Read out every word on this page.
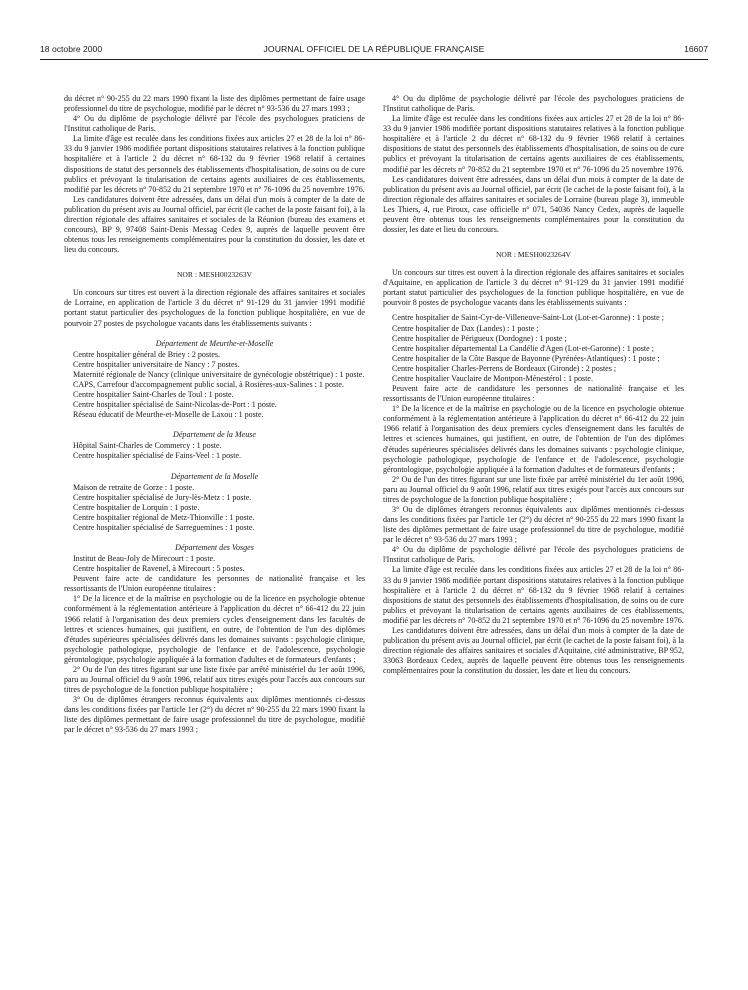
18 octobre 2000	JOURNAL OFFICIEL DE LA RÉPUBLIQUE FRANÇAISE	16607

du décret n° 90-255 du 22 mars 1990 fixant la liste des diplômes permettant de faire usage professionnel du titre de psychologue, modifié par le décret n° 93-536 du 27 mars 1993 ;

4° Ou du diplôme de psychologie délivré par l'école des psychologues praticiens de l'Institut catholique de Paris.

La limite d'âge est reculée dans les conditions fixées aux articles 27 et 28 de la loi n° 86-33 du 9 janvier 1986 modifiée portant dispositions statutaires relatives à la fonction publique hospitalière et à l'article 2 du décret n° 68-132 du 9 février 1968 relatif à certaines dispositions de statut des personnels des établissements d'hospitalisation, de soins ou de cure publics et prévoyant la titularisation de certains agents auxiliaires de ces établissements, modifié par les décrets n° 70-852 du 21 septembre 1970 et n° 76-1096 du 25 novembre 1976.

Les candidatures doivent être adressées, dans un délai d'un mois à compter de la date de publication du présent avis au Journal officiel, par écrit (le cachet de la poste faisant foi), à la direction régionale des affaires sanitaires et sociales de la Réunion (bureau des examens et concours), BP 9, 97408 Saint-Denis Messag Cedex 9, auprès de laquelle peuvent être obtenus tous les renseignements complémentaires pour la constitution du dossier, les date et lieu du concours.

NOR : MESH0023263V

Un concours sur titres est ouvert à la direction régionale des affaires sanitaires et sociales de Lorraine, en application de l'article 3 du décret n° 91-129 du 31 janvier 1991 modifié portant statut particulier des psychologues de la fonction publique hospitalière, en vue de pourvoir 27 postes de psychologue vacants dans les établissements suivants :

Département de Meurthe-et-Moselle

Centre hospitalier général de Briey : 2 postes.

Centre hospitalier universitaire de Nancy : 7 postes.

Maternité régionale de Nancy (clinique universitaire de gynécologie obstétrique) : 1 poste.

CAPS, Carrefour d'accompagnement public social, à Rosières-aux-Salines : 1 poste.

Centre hospitalier Saint-Charles de Toul : 1 poste.

Centre hospitalier spécialisé de Saint-Nicolas-de-Port : 1 poste.

Réseau éducatif de Meurthe-et-Moselle de Laxou : 1 poste.

Département de la Meuse

Hôpital Saint-Charles de Commercy : 1 poste.

Centre hospitalier spécialisé de Fains-Veel : 1 poste.

Département de la Moselle

Maison de retraite de Gorze : 1 poste.

Centre hospitalier spécialisé de Jury-lès-Metz : 1 poste.

Centre hospitalier de Lorquin : 1 poste.

Centre hospitalier régional de Metz-Thionville : 1 poste.

Centre hospitalier spécialisé de Sarreguemines : 1 poste.

Département des Vosges

Institut de Beau-Joly de Mirecourt : 1 poste.

Centre hospitalier de Ravenel, à Mirecourt : 5 postes.

Peuvent faire acte de candidature les personnes de nationalité française et les ressortissants de l'Union européenne titulaires :

1° De la licence et de la maîtrise en psychologie ou de la licence en psychologie obtenue conformément à la réglementation antérieure à l'application du décret n° 66-412 du 22 juin 1966 relatif à l'organisation des deux premiers cycles d'enseignement dans les facultés de lettres et sciences humaines, qui justifient, en outre, de l'obtention de l'un des diplômes d'études supérieures spécialisées délivrés dans les domaines suivants : psychologie clinique, psychologie pathologique, psychologie de l'enfance et de l'adolescence, psychologie gérontologique, psychologie appliquée à la formation d'adultes et de formateurs d'enfants ;

2° Ou de l'un des titres figurant sur une liste fixée par arrêté ministériel du 1er août 1996, paru au Journal officiel du 9 août 1996, relatif aux titres exigés pour l'accès aux concours sur titres de psychologue de la fonction publique hospitalière ;

3° Ou de diplômes étrangers reconnus équivalents aux diplômes mentionnés ci-dessus dans les conditions fixées par l'article 1er (2°) du décret n° 90-255 du 22 mars 1990 fixant la liste des diplômes permettant de faire usage professionnel du titre de psychologue, modifié par le décret n° 93-536 du 27 mars 1993 ;

4° Ou du diplôme de psychologie délivré par l'école des psychologues praticiens de l'Institut catholique de Paris.

La limite d'âge est reculée dans les conditions fixées aux articles 27 et 28 de la loi n° 86-33 du 9 janvier 1986 modifiée portant dispositions statutaires relatives à la fonction publique hospitalière et à l'article 2 du décret n° 68-132 du 9 février 1968 relatif à certaines dispositions de statut des personnels des établissements d'hospitalisation, de soins ou de cure publics et prévoyant la titularisation de certains agents auxiliaires de ces établissements, modifié par les décrets n° 70-852 du 21 septembre 1970 et n° 76-1096 du 25 novembre 1976.

Les candidatures doivent être adressées, dans un délai d'un mois à compter de la date de publication du présent avis au Journal officiel, par écrit (le cachet de la poste faisant foi), à la direction régionale des affaires sanitaires et sociales de Lorraine (bureau plage 3), immeuble Les Thiers, 4, rue Piroux, case officielle n° 071, 54036 Nancy Cedex, auprès de laquelle peuvent être obtenus tous les renseignements complémentaires pour la constitution du dossier, les date et lieu du concours.

NOR : MESH0023264V

Un concours sur titres est ouvert à la direction régionale des affaires sanitaires et sociales d'Aquitaine, en application de l'article 3 du décret n° 91-129 du 31 janvier 1991 modifié portant statut particulier des psychologues de la fonction publique hospitalière, en vue de pourvoir 8 postes de psychologue vacants dans les établissements suivants :

Centre hospitalier de Saint-Cyr-de-Villeneuve-Saint-Lot (Lot-et-Garonne) : 1 poste ;

Centre hospitalier de Dax (Landes) : 1 poste ;

Centre hospitalier de Périgueux (Dordogne) : 1 poste ;

Centre hospitalier départemental La Candélie d'Agen (Lot-et-Garonne) : 1 poste ;

Centre hospitalier de la Côte Basque de Bayonne (Pyrénées-Atlantiques) : 1 poste ;

Centre hospitalier Charles-Perrens de Bordeaux (Gironde) : 2 postes ;

Centre hospitalier Vauclaire de Montpon-Ménestérol : 1 poste.

Peuvent faire acte de candidature les personnes de nationalité française et les ressortissants de l'Union européenne titulaires :

1° De la licence et de la maîtrise en psychologie ou de la licence en psychologie obtenue conformément à la réglementation antérieure à l'application du décret n° 66-412 du 22 juin 1966 relatif à l'organisation des deux premiers cycles d'enseignement dans les facultés de lettres et sciences humaines, qui justifient, en outre, de l'obtention de l'un des diplômes d'études supérieures spécialisées délivrés dans les domaines suivants : psychologie clinique, psychologie pathologique, psychologie de l'enfance et de l'adolescence, psychologie gérontologique, psychologie appliquée à la formation d'adultes et de formateurs d'enfants ;

2° Ou de l'un des titres figurant sur une liste fixée par arrêté ministériel du 1er août 1996, paru au Journal officiel du 9 août 1996, relatif aux titres exigés pour l'accès aux concours sur titres de psychologue de la fonction publique hospitalière ;

3° Ou de diplômes étrangers reconnus équivalents aux diplômes mentionnés ci-dessus dans les conditions fixées par l'article 1er (2°) du décret n° 90-255 du 22 mars 1990 fixant la liste des diplômes permettant de faire usage professionnel du titre de psychologue, modifié par le décret n° 93-536 du 27 mars 1993 ;

4° Ou du diplôme de psychologie délivré par l'école des psychologues praticiens de l'Institut catholique de Paris.

La limite d'âge est reculée dans les conditions fixées aux articles 27 et 28 de la loi n° 86-33 du 9 janvier 1986 modifiée portant dispositions statutaires relatives à la fonction publique hospitalière et à l'article 2 du décret n° 68-132 du 9 février 1968 relatif à certaines dispositions de statut des personnels des établissements d'hospitalisation, de soins ou de cure publics et prévoyant la titularisation de certains agents auxiliaires de ces établissements, modifié par les décrets n° 70-852 du 21 septembre 1970 et n° 76-1096 du 25 novembre 1976.

Les candidatures doivent être adressées, dans un délai d'un mois à compter de la date de publication du présent avis au Journal officiel, par écrit (le cachet de la poste faisant foi), à la direction régionale des affaires sanitaires et sociales d'Aquitaine, cité administrative, BP 952, 33063 Bordeaux Cedex, auprès de laquelle peuvent être obtenus tous les renseignements complémentaires pour la constitution du dossier, les date et lieu du concours.
